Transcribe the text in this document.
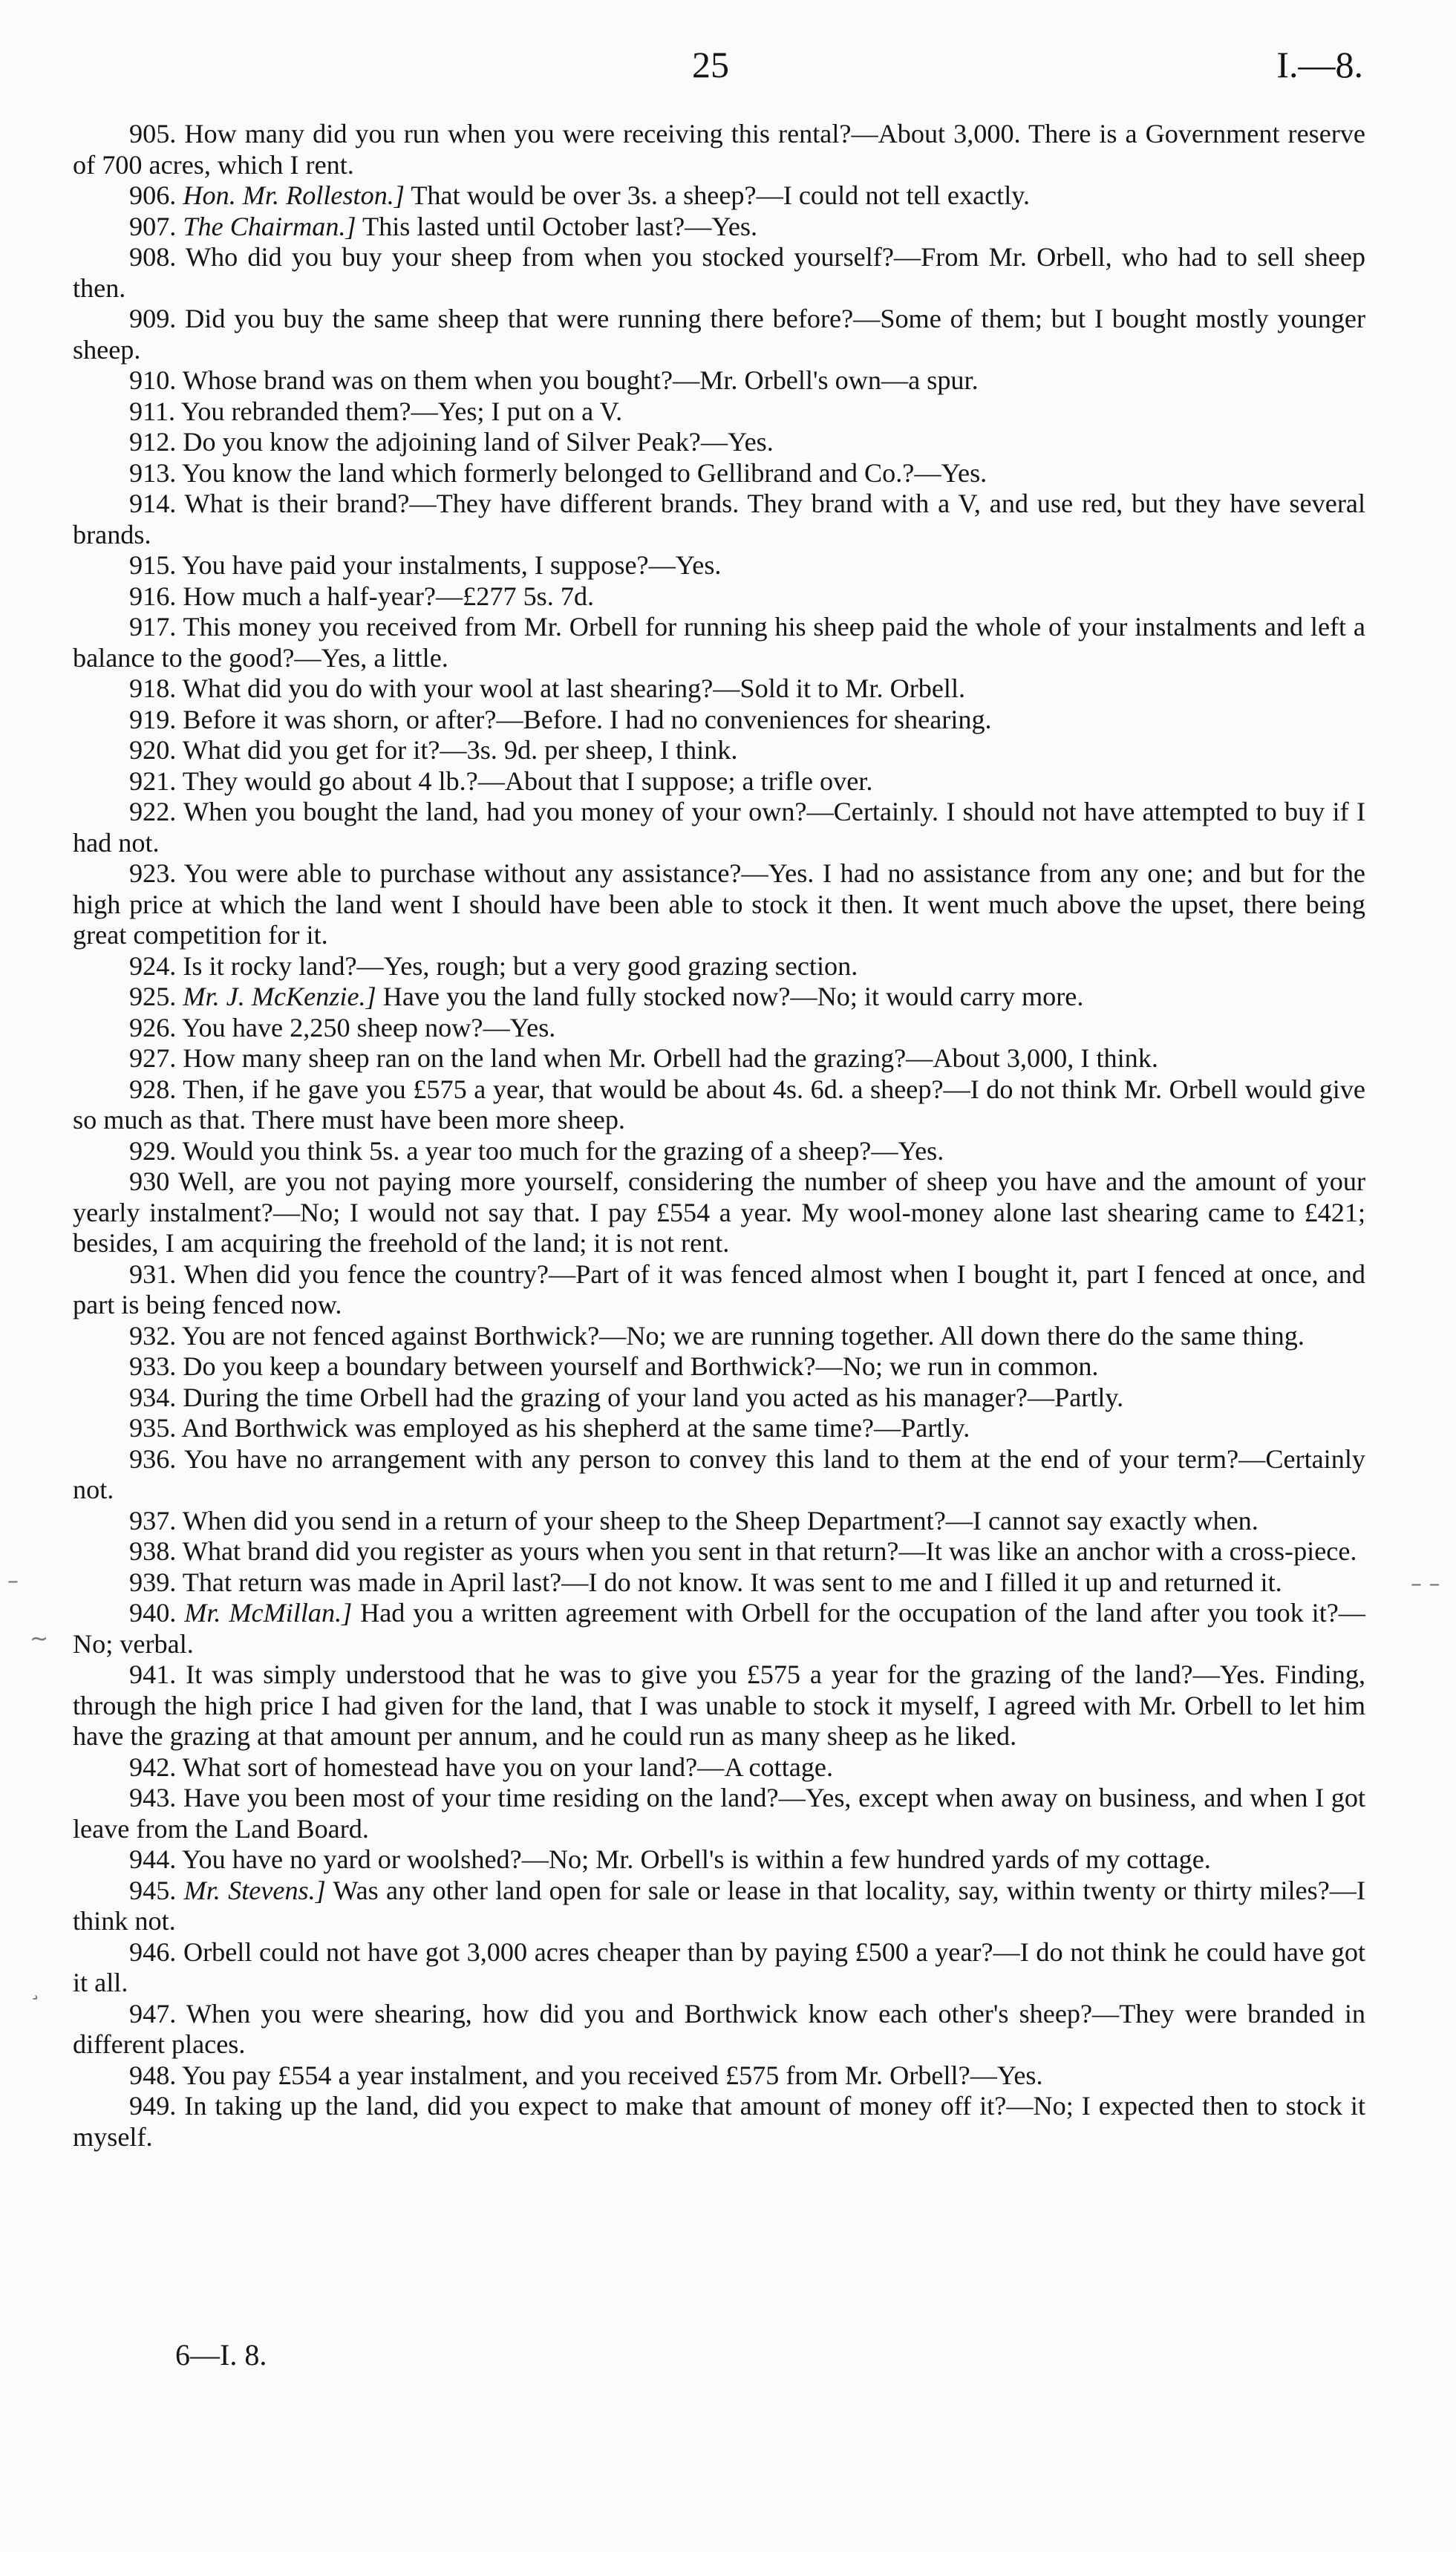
25	I.—8.

905. How many did you run when you were receiving this rental?—About 3,000. There is a Government reserve of 700 acres, which I rent.

906. Hon. Mr. Rolleston.] That would be over 3s. a sheep?—I could not tell exactly.

907. The Chairman.] This lasted until October last?—Yes.

908. Who did you buy your sheep from when you stocked yourself?—From Mr. Orbell, who had to sell sheep then.

909. Did you buy the same sheep that were running there before?—Some of them; but I bought mostly younger sheep.

910. Whose brand was on them when you bought?—Mr. Orbell's own—a spur.

911. You rebranded them?—Yes; I put on a V.

912. Do you know the adjoining land of Silver Peak?—Yes.

913. You know the land which formerly belonged to Gellibrand and Co.?—Yes.

914. What is their brand?—They have different brands. They brand with a V, and use red, but they have several brands.

915. You have paid your instalments, I suppose?—Yes.

916. How much a half-year?—£277 5s. 7d.

917. This money you received from Mr. Orbell for running his sheep paid the whole of your instalments and left a balance to the good?—Yes, a little.

918. What did you do with your wool at last shearing?—Sold it to Mr. Orbell.

919. Before it was shorn, or after?—Before. I had no conveniences for shearing.

920. What did you get for it?—3s. 9d. per sheep, I think.

921. They would go about 4 lb.?—About that I suppose; a trifle over.

922. When you bought the land, had you money of your own?—Certainly. I should not have attempted to buy if I had not.

923. You were able to purchase without any assistance?—Yes. I had no assistance from any one; and but for the high price at which the land went I should have been able to stock it then. It went much above the upset, there being great competition for it.

924. Is it rocky land?—Yes, rough; but a very good grazing section.

925. Mr. J. McKenzie.] Have you the land fully stocked now?—No; it would carry more.

926. You have 2,250 sheep now?—Yes.

927. How many sheep ran on the land when Mr. Orbell had the grazing?—About 3,000, I think.

928. Then, if he gave you £575 a year, that would be about 4s. 6d. a sheep?—I do not think Mr. Orbell would give so much as that. There must have been more sheep.

929. Would you think 5s. a year too much for the grazing of a sheep?—Yes.

930 Well, are you not paying more yourself, considering the number of sheep you have and the amount of your yearly instalment?—No; I would not say that. I pay £554 a year. My wool-money alone last shearing came to £421; besides, I am acquiring the freehold of the land; it is not rent.

931. When did you fence the country?—Part of it was fenced almost when I bought it, part I fenced at once, and part is being fenced now.

932. You are not fenced against Borthwick?—No; we are running together. All down there do the same thing.

933. Do you keep a boundary between yourself and Borthwick?—No; we run in common.

934. During the time Orbell had the grazing of your land you acted as his manager?—Partly.

935. And Borthwick was employed as his shepherd at the same time?—Partly.

936. You have no arrangement with any person to convey this land to them at the end of your term?—Certainly not.

937. When did you send in a return of your sheep to the Sheep Department?—I cannot say exactly when.

938. What brand did you register as yours when you sent in that return?—It was like an anchor with a cross-piece.

939. That return was made in April last?—I do not know. It was sent to me and I filled it up and returned it.

940. Mr. McMillan.] Had you a written agreement with Orbell for the occupation of the land after you took it?—No; verbal.

941. It was simply understood that he was to give you £575 a year for the grazing of the land?—Yes. Finding, through the high price I had given for the land, that I was unable to stock it myself, I agreed with Mr. Orbell to let him have the grazing at that amount per annum, and he could run as many sheep as he liked.

942. What sort of homestead have you on your land?—A cottage.

943. Have you been most of your time residing on the land?—Yes, except when away on business, and when I got leave from the Land Board.

944. You have no yard or woolshed?—No; Mr. Orbell's is within a few hundred yards of my cottage.

945. Mr. Stevens.] Was any other land open for sale or lease in that locality, say, within twenty or thirty miles?—I think not.

946. Orbell could not have got 3,000 acres cheaper than by paying £500 a year?—I do not think he could have got it all.

947. When you were shearing, how did you and Borthwick know each other's sheep?—They were branded in different places.

948. You pay £554 a year instalment, and you received £575 from Mr. Orbell?—Yes.

949. In taking up the land, did you expect to make that amount of money off it?—No; I expected then to stock it myself.

6—I. 8.
–
~
– –
¸
